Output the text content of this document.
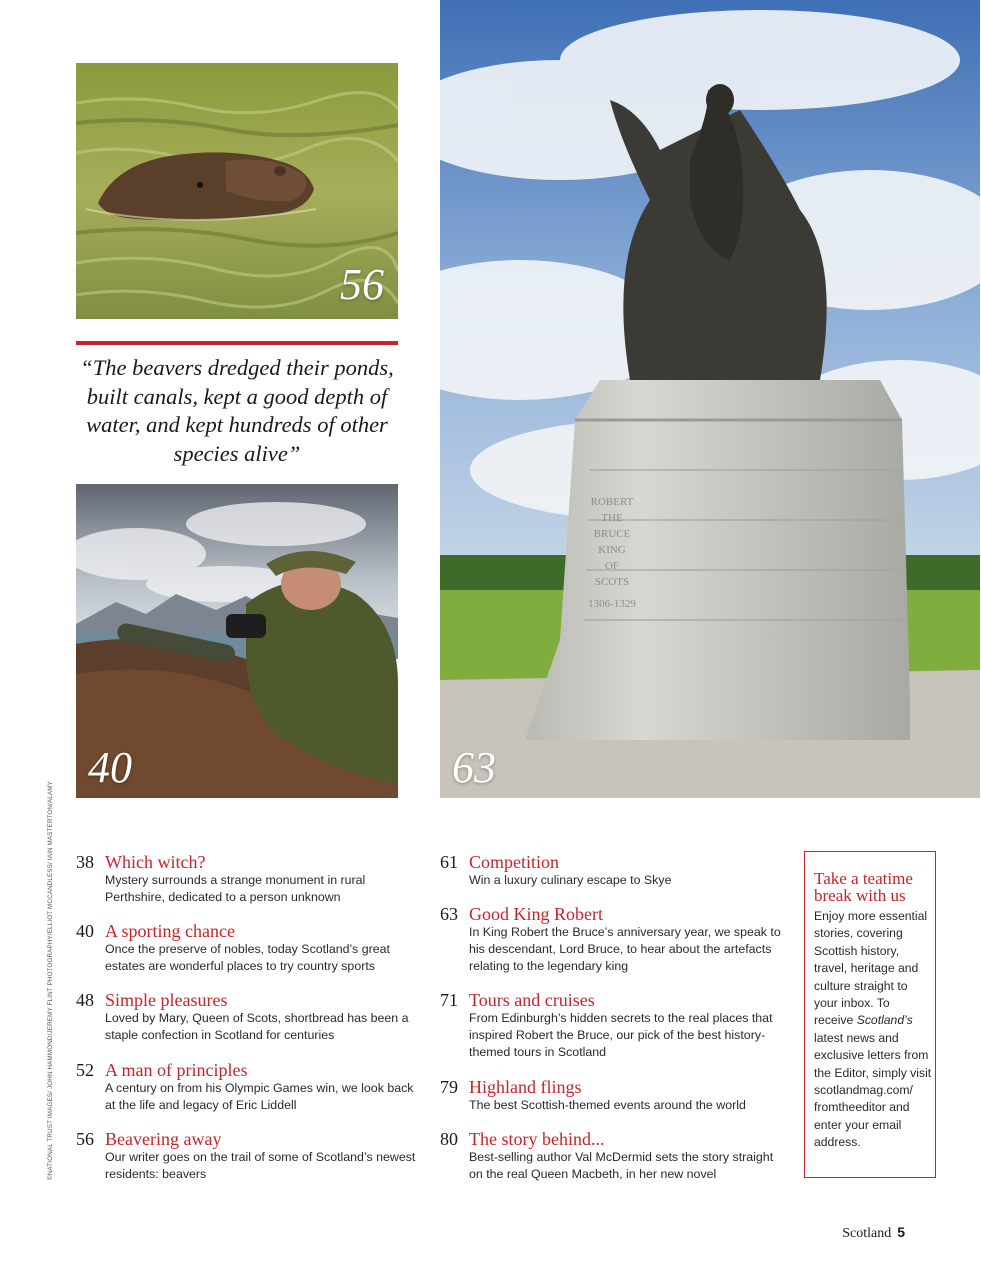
56
“The beavers dredged their ponds, built canals, kept a good depth of water, and kept hundreds of other species alive”
40
ROBERT
THE
BRUCE
KING
OF
SCOTS
1306-1329
63
©NATIONAL TRUST IMAGES/ JOHN HAMMOND/JEREMY FLINT PHOTOGRAPHY/ELLIOT MCCANDLESS/ IAIN MASTERTON/ALAMY 38 Which witch?
Mystery surrounds a strange monument in rural Perthshire, dedicated to a person unknown
40 A sporting chance
Once the preserve of nobles, today Scotland’s great estates are wonderful places to try country sports
48 Simple pleasures
Loved by Mary, Queen of Scots, shortbread has been a staple confection in Scotland for centuries
52 A man of principles
A century on from his Olympic Games win, we look back at the life and legacy of Eric Liddell
56 Beavering away
Our writer goes on the trail of some of Scotland’s newest residents: beavers
61 Competition
Win a luxury culinary escape to Skye
63 Good King Robert
In King Robert the Bruce’s anniversary year, we speak to his descendant, Lord Bruce, to hear about the artefacts relating to the legendary king
71 Tours and cruises
From Edinburgh’s hidden secrets to the real places that inspired Robert the Bruce, our pick of the best history-themed tours in Scotland
79 Highland flings
The best Scottish-themed events around the world
80 The story behind...
Best-selling author Val McDermid sets the story straight on the real Queen Macbeth, in her new novel
Take a teatime break with us
Enjoy more essential stories, covering Scottish history, travel, heritage and culture straight to your inbox. To receive Scotland’s latest news and exclusive letters from the Editor, simply visit scotlandmag.com/ fromtheeditor and enter your email address.
Scotland 5
